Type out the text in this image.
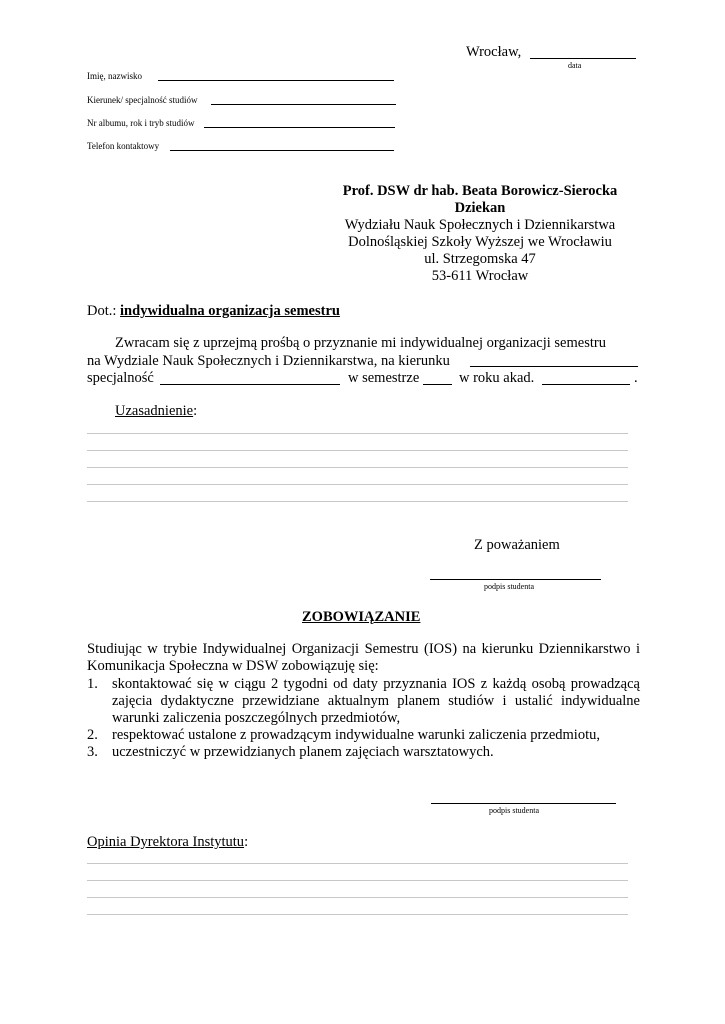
Wrocław,
data
Imię, nazwisko
Kierunek/ specjalność studiów
Nr albumu, rok i tryb studiów
Telefon kontaktowy
Prof. DSW dr hab. Beata Borowicz-Sierocka
Dziekan
Wydziału Nauk Społecznych i Dziennikarstwa
Dolnośląskiej Szkoły Wyższej we Wrocławiu
ul. Strzegomska 47
53-611 Wrocław
Dot.: indywidualna organizacja semestru
Zwracam się z uprzejmą prośbą o przyznanie mi indywidualnej organizacji semestru
na Wydziale Nauk Społecznych i Dziennikarstwa, na kierunku
specjalność	w semestrze	w roku akad.	.
Uzasadnienie:
Z poważaniem
podpis studenta
ZOBOWIĄZANIE
Studiując w trybie Indywidualnej Organizacji Semestru (IOS) na kierunku Dziennikarstwo i Komunikacja Społeczna w DSW zobowiązuję się:
1. skontaktować się w ciągu 2 tygodni od daty przyznania IOS z każdą osobą prowadzącą zajęcia dydaktyczne przewidziane aktualnym planem studiów i ustalić indywidualne warunki zaliczenia poszczególnych przedmiotów,
2. respektować ustalone z prowadzącym indywidualne warunki zaliczenia przedmiotu,
3. uczestniczyć w przewidzianych planem zajęciach warsztatowych.
podpis studenta
Opinia Dyrektora Instytutu:
